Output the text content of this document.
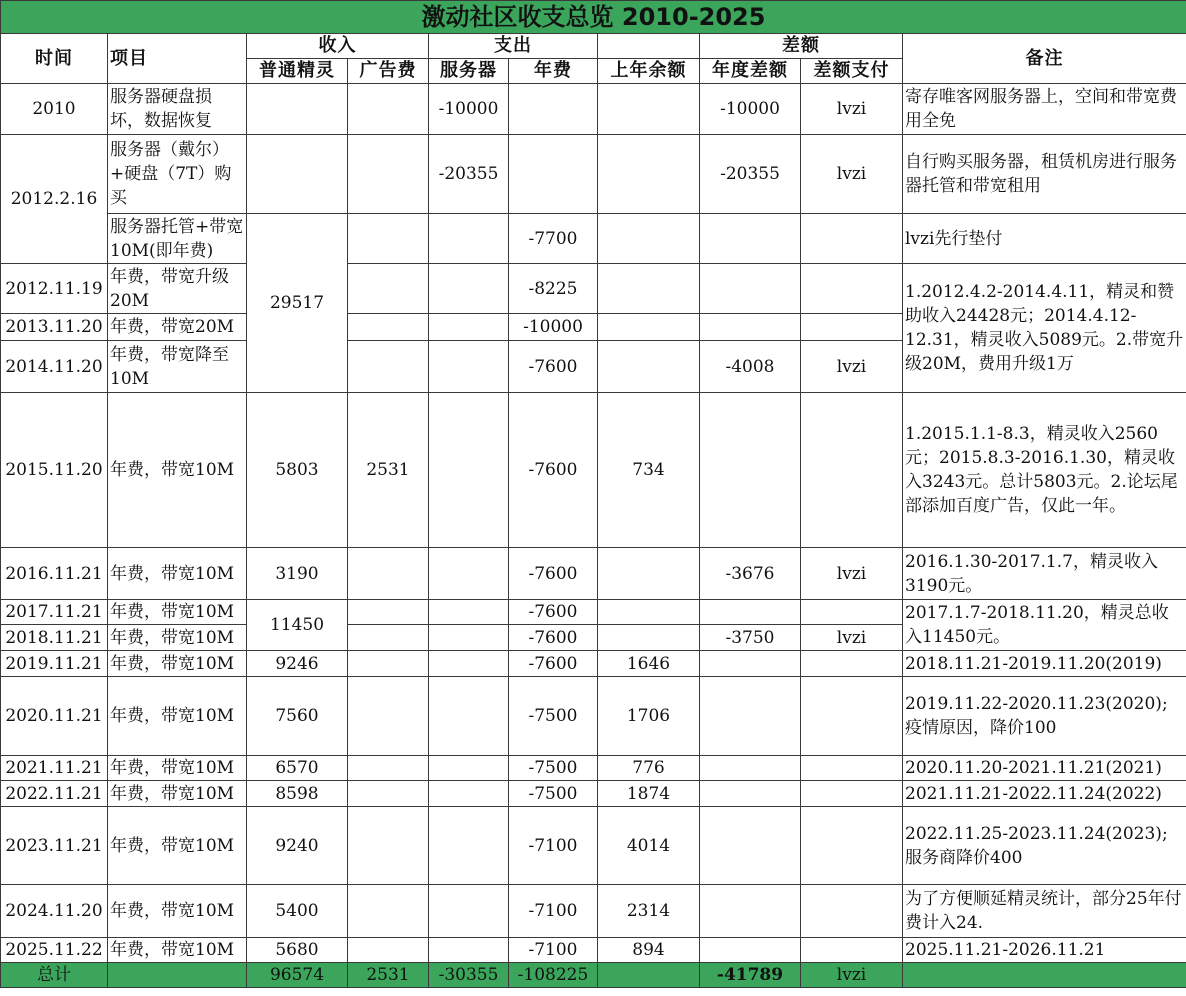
激动社区收支总览 2010-2025									
时间	项目	收入		支出			差额		备注
		普通精灵	广告费	服务器	年费	上年余额	年度差额	差额支付	
2010	服务器硬盘损坏，数据恢复			-10000			-10000	lvzi	寄存唯客网服务器上，空间和带宽费用全免
2012.2.16	服务器（戴尔）+硬盘（7T）购买			-20355			-20355	lvzi	自行购买服务器，租赁机房进行服务器托管和带宽租用
	服务器托管+带宽10M(即年费)	29517			-7700				lvzi先行垫付
2012.11.19	年费，带宽升级20M				-8225				1.2012.4.2-2014.4.11，精灵和赞助收入24428元；2014.4.12-12.31，精灵收入5089元。2.带宽升级20M，费用升级1万
2013.11.20	年费，带宽20M				-10000				
2014.11.20	年费，带宽降至10M				-7600		-4008	lvzi	
2015.11.20	年费，带宽10M	5803	2531		-7600	734			1.2015.1.1-8.3，精灵收入2560元；2015.8.3-2016.1.30，精灵收入3243元。总计5803元。2.论坛尾部添加百度广告，仅此一年。
2016.11.21	年费，带宽10M	3190			-7600		-3676	lvzi	2016.1.30-2017.1.7，精灵收入3190元。
2017.11.21	年费，带宽10M	11450			-7600				2017.1.7-2018.11.20，精灵总收入11450元。
2018.11.21	年费，带宽10M				-7600		-3750	lvzi	
2019.11.21	年费，带宽10M	9246			-7600	1646			2018.11.21-2019.11.20(2019)
2020.11.21	年费，带宽10M	7560			-7500	1706			2019.11.22-2020.11.23(2020);疫情原因，降价100
2021.11.21	年费，带宽10M	6570			-7500	776			2020.11.20-2021.11.21(2021)
2022.11.21	年费，带宽10M	8598			-7500	1874			2021.11.21-2022.11.24(2022)
2023.11.21	年费，带宽10M	9240			-7100	4014			2022.11.25-2023.11.24(2023);服务商降价400
2024.11.20	年费，带宽10M	5400			-7100	2314			为了方便顺延精灵统计，部分25年付费计入24.
2025.11.22	年费，带宽10M	5680			-7100	894			2025.11.21-2026.11.21
总计		96574	2531	-30355	-108225		-41789	lvzi	
